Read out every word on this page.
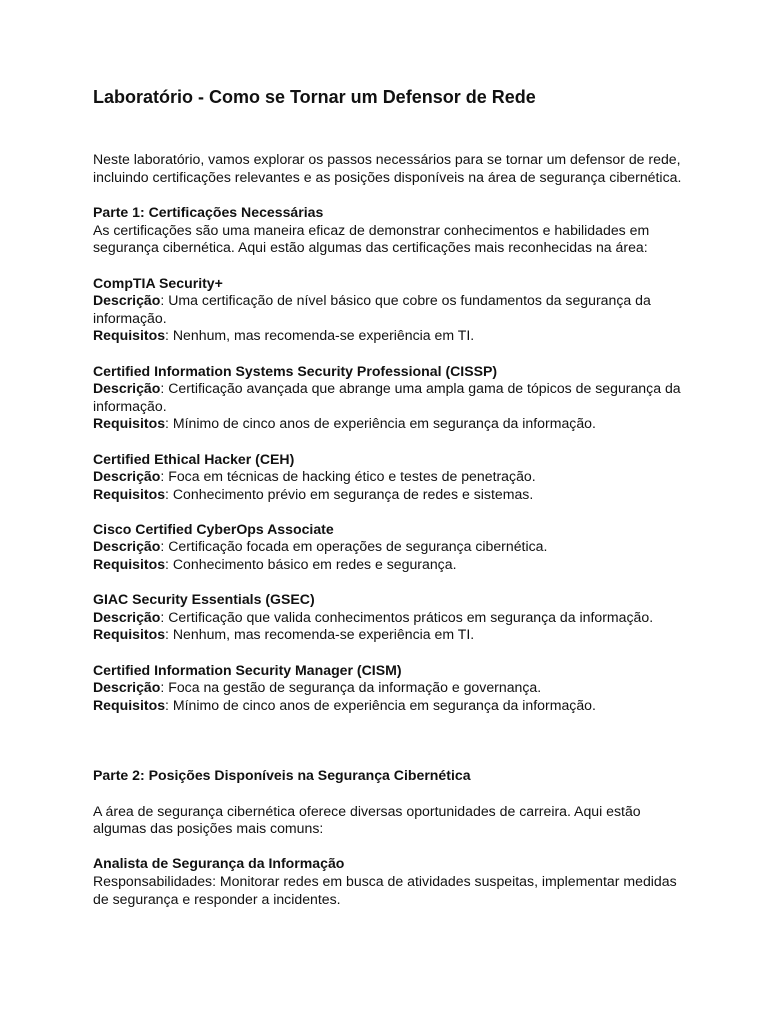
Laboratório - Como se Tornar um Defensor de Rede

Neste laboratório, vamos explorar os passos necessários para se tornar um defensor de rede, incluindo certificações relevantes e as posições disponíveis na área de segurança cibernética.

Parte 1: Certificações Necessárias

As certificações são uma maneira eficaz de demonstrar conhecimentos e habilidades em segurança cibernética. Aqui estão algumas das certificações mais reconhecidas na área:

CompTIA Security+

Descrição: Uma certificação de nível básico que cobre os fundamentos da segurança da informação.

Requisitos: Nenhum, mas recomenda-se experiência em TI.

Certified Information Systems Security Professional (CISSP)

Descrição: Certificação avançada que abrange uma ampla gama de tópicos de segurança da informação.

Requisitos: Mínimo de cinco anos de experiência em segurança da informação.

Certified Ethical Hacker (CEH)

Descrição: Foca em técnicas de hacking ético e testes de penetração.

Requisitos: Conhecimento prévio em segurança de redes e sistemas.

Cisco Certified CyberOps Associate

Descrição: Certificação focada em operações de segurança cibernética.

Requisitos: Conhecimento básico em redes e segurança.

GIAC Security Essentials (GSEC)

Descrição: Certificação que valida conhecimentos práticos em segurança da informação.

Requisitos: Nenhum, mas recomenda-se experiência em TI.

Certified Information Security Manager (CISM)

Descrição: Foca na gestão de segurança da informação e governança.

Requisitos: Mínimo de cinco anos de experiência em segurança da informação.

Parte 2: Posições Disponíveis na Segurança Cibernética

A área de segurança cibernética oferece diversas oportunidades de carreira. Aqui estão algumas das posições mais comuns:

Analista de Segurança da Informação

Responsabilidades: Monitorar redes em busca de atividades suspeitas, implementar medidas de segurança e responder a incidentes.
